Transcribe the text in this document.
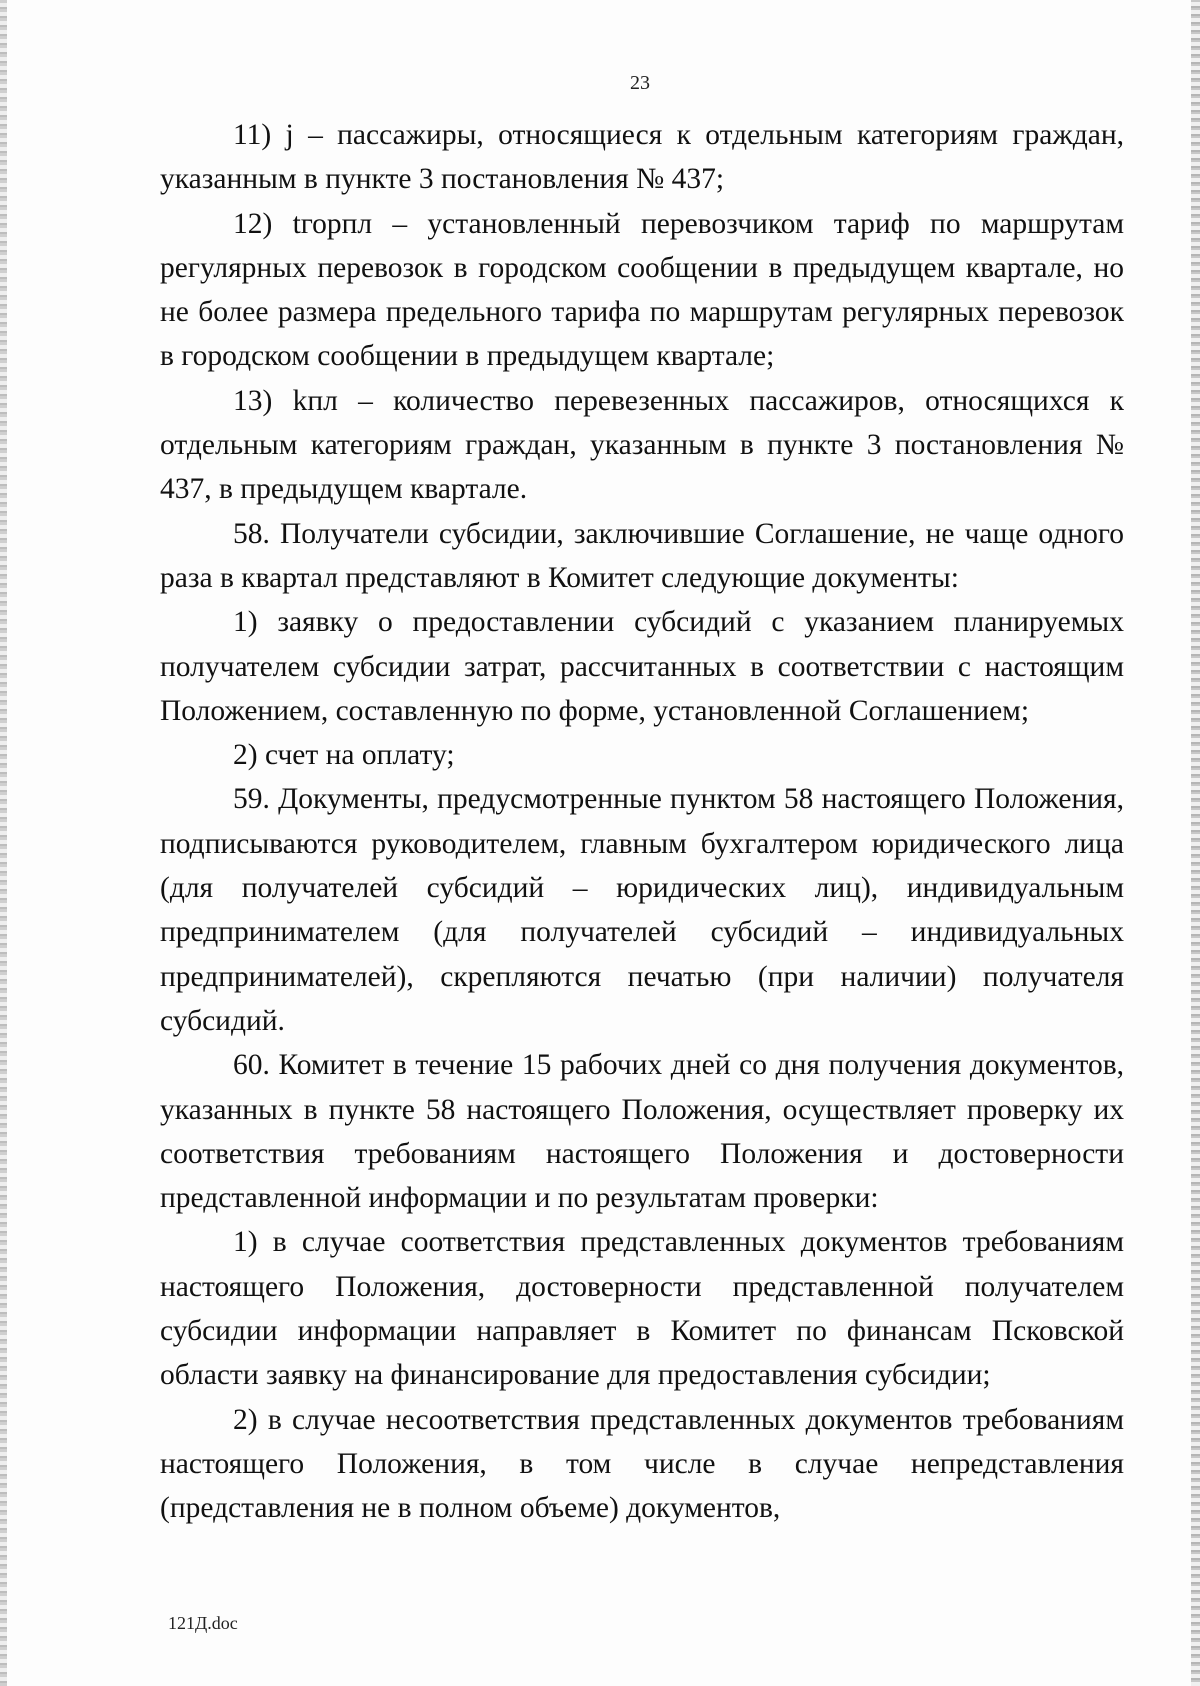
23

11) j – пассажиры, относящиеся к отдельным категориям граждан, указанным в пункте 3 постановления № 437;

12) tгорпл – установленный перевозчиком тариф по маршрутам регулярных перевозок в городском сообщении в предыдущем квартале, но не более размера предельного тарифа по маршрутам регулярных перевозок в городском сообщении в предыдущем квартале;

13) kпл – количество перевезенных пассажиров, относящихся к отдельным категориям граждан, указанным в пункте 3 постановления № 437, в предыдущем квартале.

58. Получатели субсидии, заключившие Соглашение, не чаще одного раза в квартал представляют в Комитет следующие документы:

1) заявку о предоставлении субсидий с указанием планируемых получателем субсидии затрат, рассчитанных в соответствии с настоящим Положением, составленную по форме, установленной Соглашением;

2) счет на оплату;

59. Документы, предусмотренные пунктом 58 настоящего Положения, подписываются руководителем, главным бухгалтером юридического лица (для получателей субсидий – юридических лиц), индивидуальным предпринимателем (для получателей субсидий – индивидуальных предпринимателей), скрепляются печатью (при наличии) получателя субсидий.

60. Комитет в течение 15 рабочих дней со дня получения документов, указанных в пункте 58 настоящего Положения, осуществляет проверку их соответствия требованиям настоящего Положения и достоверности представленной информации и по результатам проверки:

1) в случае соответствия представленных документов требованиям настоящего Положения, достоверности представленной получателем субсидии информации направляет в Комитет по финансам Псковской области заявку на финансирование для предоставления субсидии;

2) в случае несоответствия представленных документов требованиям настоящего Положения, в том числе в случае непредставления (представления не в полном объеме) документов,

121Д.doc
